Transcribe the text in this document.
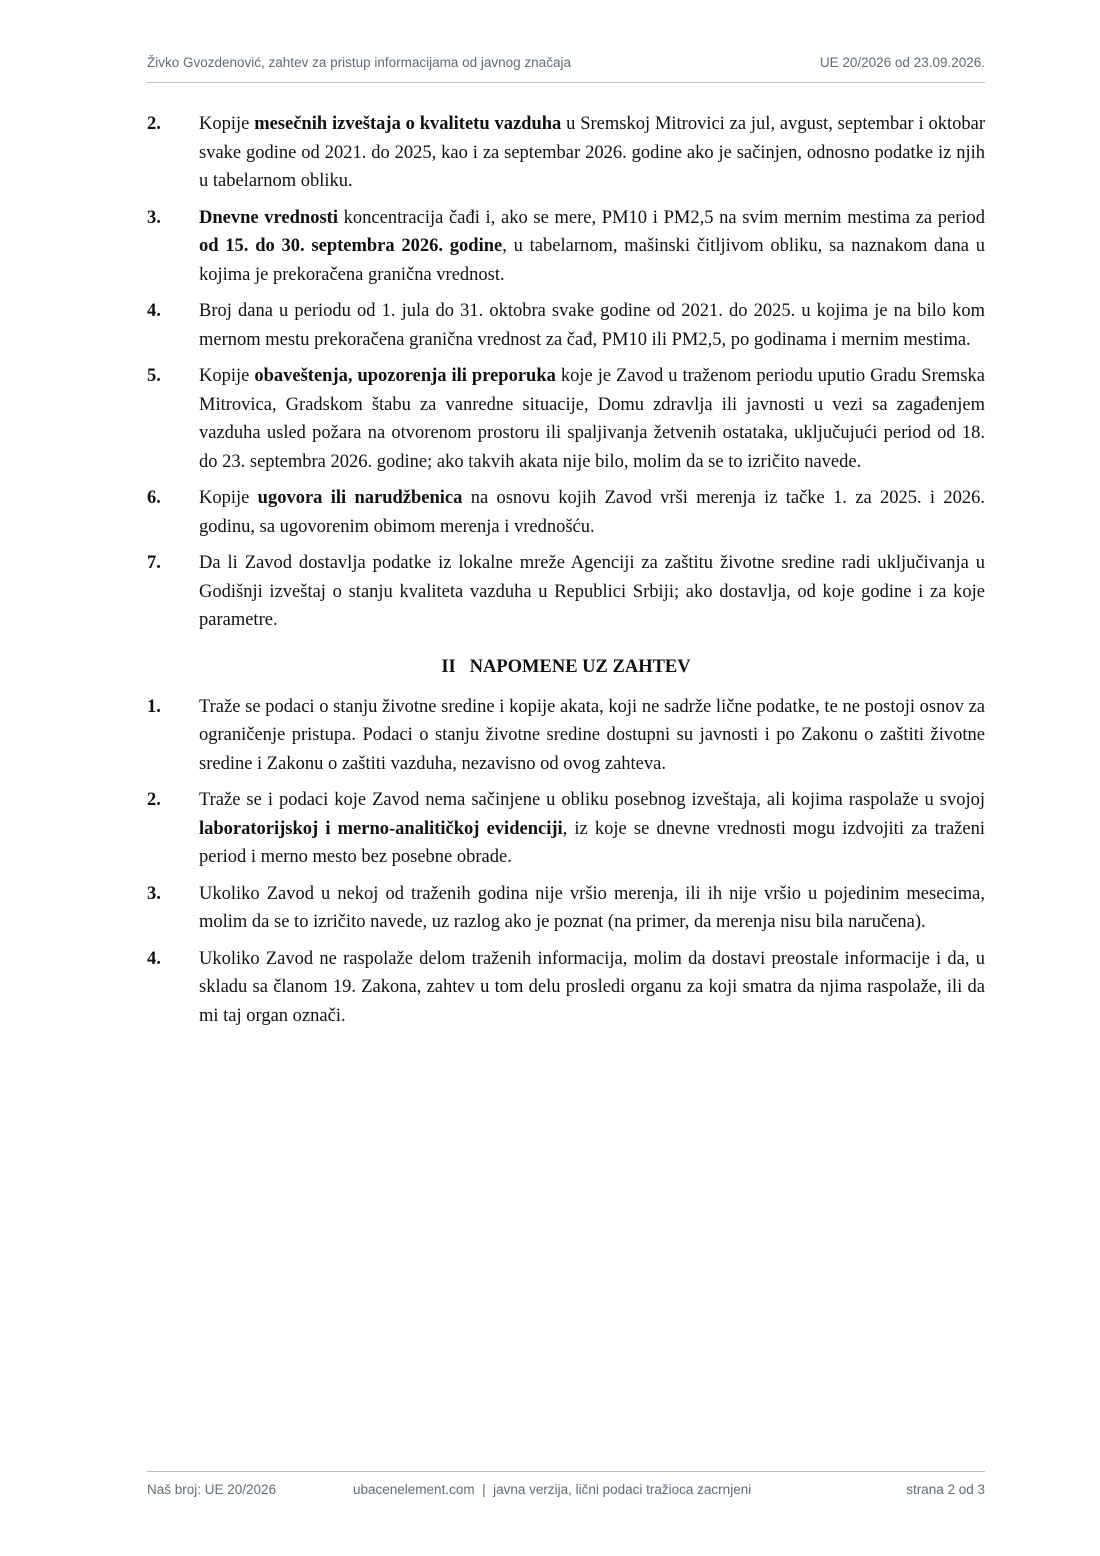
Živko Gvozdenović, zahtev za pristup informacijama od javnog značaja	UE 20/2026 od 23.09.2026.
2.	Kopije mesečnih izveštaja o kvalitetu vazduha u Sremskoj Mitrovici za jul, avgust, septembar i oktobar svake godine od 2021. do 2025, kao i za septembar 2026. godine ako je sačinjen, odnosno podatke iz njih u tabelarnom obliku.
3.	Dnevne vrednosti koncentracija čađi i, ako se mere, PM10 i PM2,5 na svim mernim mestima za period od 15. do 30. septembra 2026. godine, u tabelarnom, mašinski čitljivom obliku, sa naznakom dana u kojima je prekoračena granična vrednost.
4.	Broj dana u periodu od 1. jula do 31. oktobra svake godine od 2021. do 2025. u kojima je na bilo kom mernom mestu prekoračena granična vrednost za čađ, PM10 ili PM2,5, po godinama i mernim mestima.
5.	Kopije obaveštenja, upozorenja ili preporuka koje je Zavod u traženom periodu uputio Gradu Sremska Mitrovica, Gradskom štabu za vanredne situacije, Domu zdravlja ili javnosti u vezi sa zagađenjem vazduha usled požara na otvorenom prostoru ili spaljivanja žetvenih ostataka, uključujući period od 18. do 23. septembra 2026. godine; ako takvih akata nije bilo, molim da se to izričito navede.
6.	Kopije ugovora ili narudžbenica na osnovu kojih Zavod vrši merenja iz tačke 1. za 2025. i 2026. godinu, sa ugovorenim obimom merenja i vrednošću.
7.	Da li Zavod dostavlja podatke iz lokalne mreže Agenciji za zaštitu životne sredine radi uključivanja u Godišnji izveštaj o stanju kvaliteta vazduha u Republici Srbiji; ako dostavlja, od koje godine i za koje parametre.
II   NAPOMENE UZ ZAHTEV
1.	Traže se podaci o stanju životne sredine i kopije akata, koji ne sadrže lične podatke, te ne postoji osnov za ograničenje pristupa. Podaci o stanju životne sredine dostupni su javnosti i po Zakonu o zaštiti životne sredine i Zakonu o zaštiti vazduha, nezavisno od ovog zahteva.
2.	Traže se i podaci koje Zavod nema sačinjene u obliku posebnog izveštaja, ali kojima raspolaže u svojoj laboratorijskoj i merno-analitičkoj evidenciji, iz koje se dnevne vrednosti mogu izdvojiti za traženi period i merno mesto bez posebne obrade.
3.	Ukoliko Zavod u nekoj od traženih godina nije vršio merenja, ili ih nije vršio u pojedinim mesecima, molim da se to izričito navede, uz razlog ako je poznat (na primer, da merenja nisu bila naručena).
4.	Ukoliko Zavod ne raspolaže delom traženih informacija, molim da dostavi preostale informacije i da, u skladu sa članom 19. Zakona, zahtev u tom delu prosledi organu za koji smatra da njima raspolaže, ili da mi taj organ označi.
Naš broj: UE 20/2026	ubacenelement.com  |  javna verzija, lični podaci tražioca zacrnjeni	strana 2 od 3
